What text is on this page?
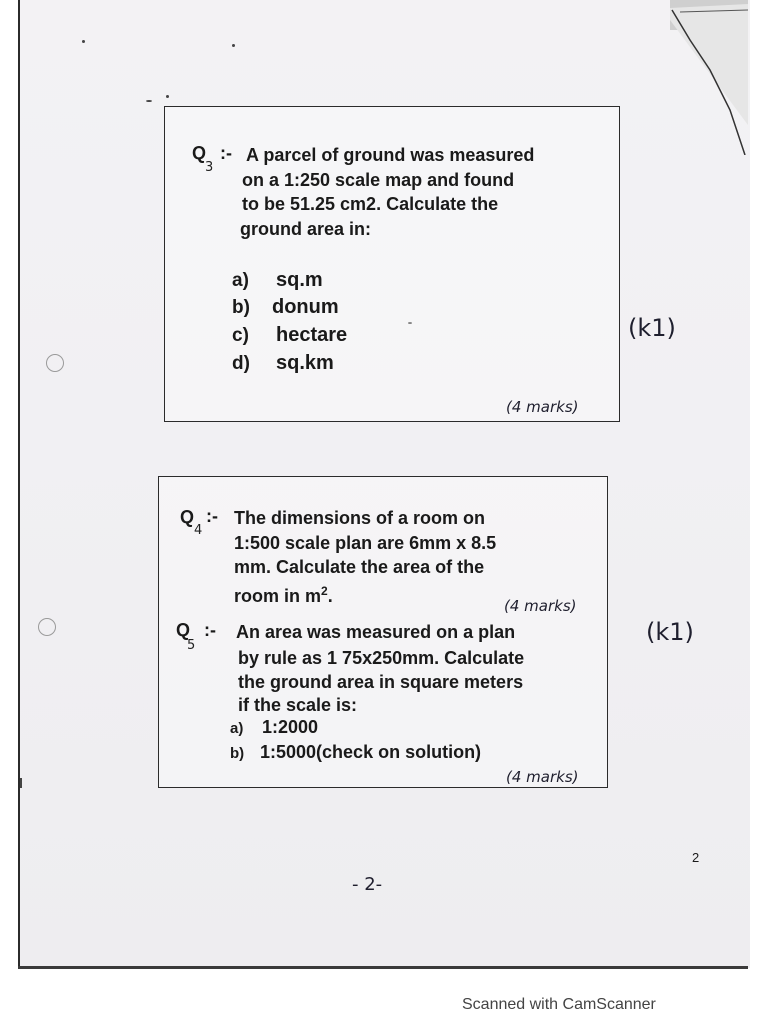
Q
3
:- A parcel of ground was measured
on a 1:250 scale map and found
to be 51.25 cm2. Calculate the
ground area in:
a) sq.m
b) donum
c) hectare
d) sq.km
(4 marks)
(k1)
Q
4
:- The dimensions of a room on
1:500 scale plan are 6mm x 8.5
mm. Calculate the area of the
room in $m^2$.	(4 marks)
Q
5
:- An area was measured on a plan
by rule as 1 75x250mm. Calculate
the ground area in square meters
if the scale is:
a) 1:2000
b) 1:5000(check on solution)
(4 marks)
(k1)
2
- 2-
Scanned with CamScanner
